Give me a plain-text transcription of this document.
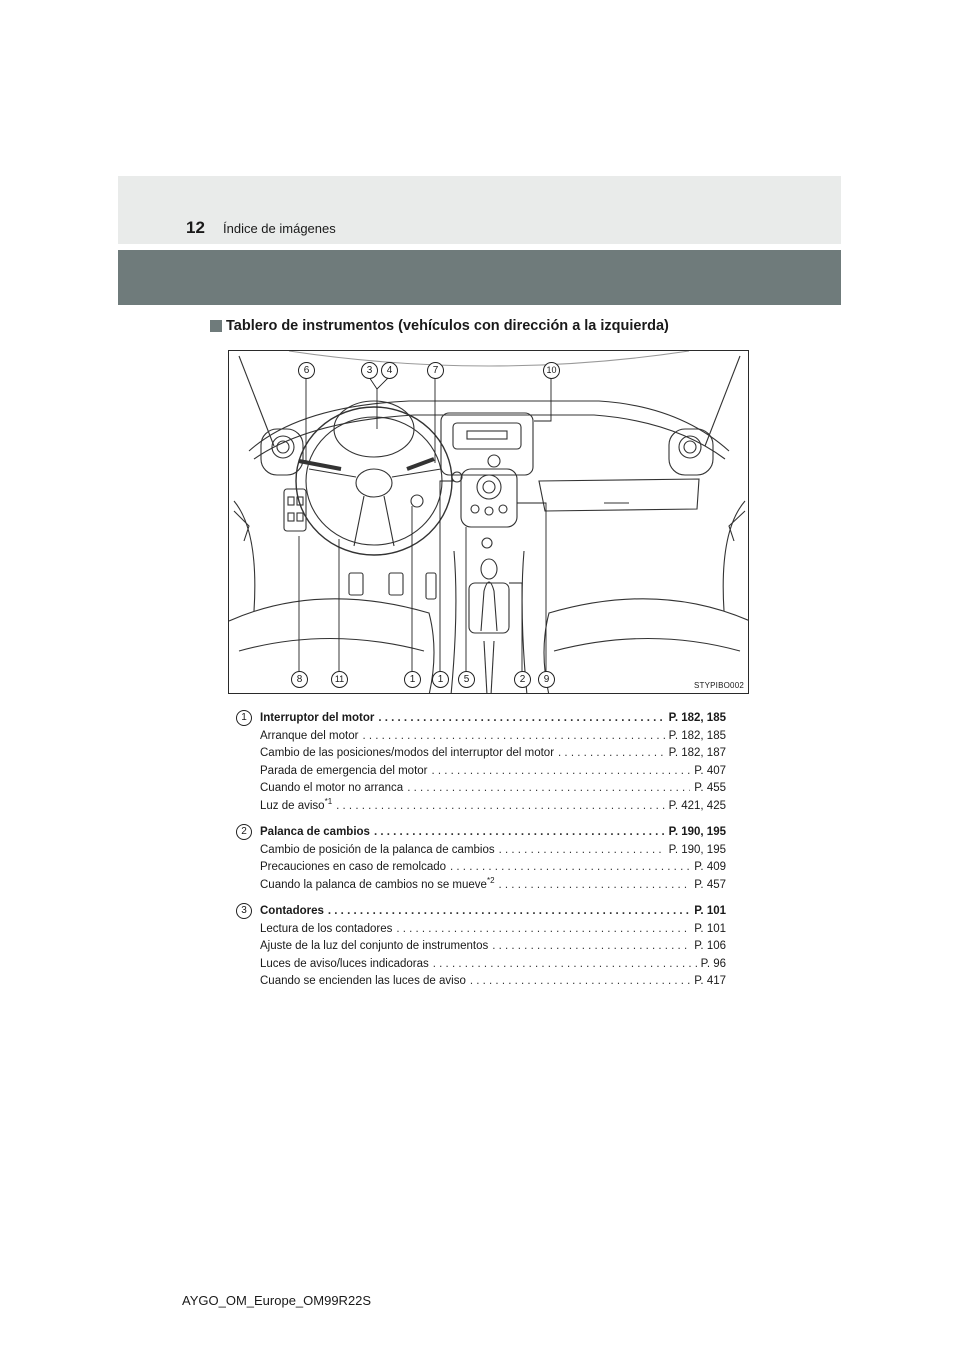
12 Índice de imágenes
Tablero de instrumentos (vehículos con dirección a la izquierda)
6	3	4	7	10
8	11	1	1	5	2	9
STYPIBO002
1	Interruptor del motor . . .	P. 182, 185
Arranque del motor . . .	P. 182, 185
Cambio de las posiciones/modos del interruptor del motor . . .	P. 182, 187
Parada de emergencia del motor . . .	P. 407
Cuando el motor no arranca . . .	P. 455
Luz de aviso$^{*1}$ . . .	P. 421, 425
2	Palanca de cambios . . .	P. 190, 195
Cambio de posición de la palanca de cambios . . .	P. 190, 195
Precauciones en caso de remolcado . . .	P. 409
Cuando la palanca de cambios no se mueve$^{*2}$ . . .	P. 457
3	Contadores . . .	P. 101
Lectura de los contadores . . .	P. 101
Ajuste de la luz del conjunto de instrumentos . . .	P. 106
Luces de aviso/luces indicadoras . . .	P. 96
Cuando se encienden las luces de aviso . . .	P. 417
AYGO_OM_Europe_OM99R22S
